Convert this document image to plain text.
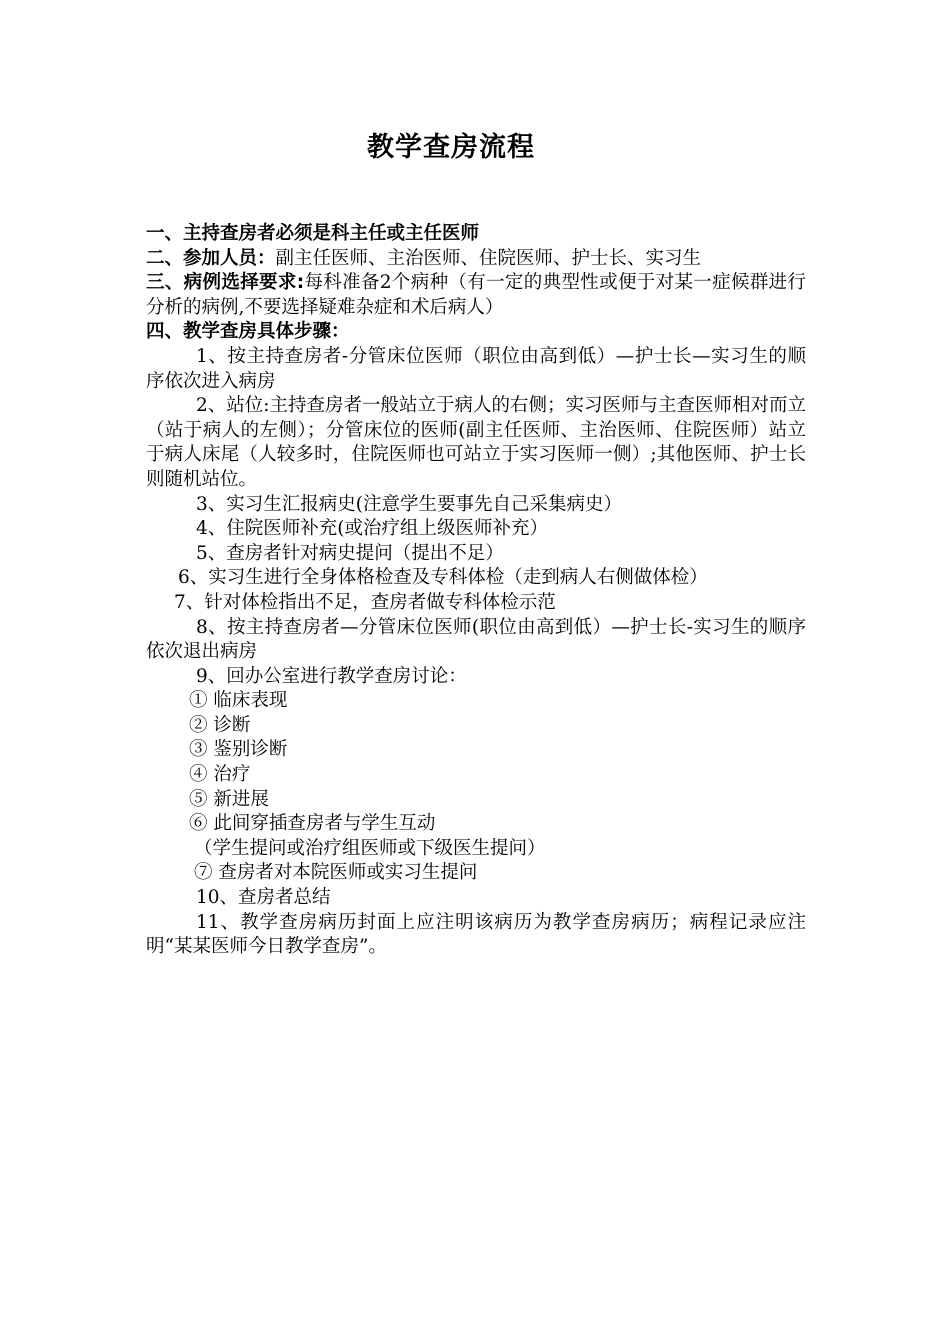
教学查房流程

一、主持查房者必须是科主任或主任医师

二、参加人员：副主任医师、主治医师、住院医师、护士长、实习生

三、病例选择要求:每科准备2个病种（有一定的典型性或便于对某一症候群进行分析的病例,不要选择疑难杂症和术后病人）

四、教学查房具体步骤：

1、按主持查房者-分管床位医师（职位由高到低）—护士长—实习生的顺序依次进入病房

2、站位:主持查房者一般站立于病人的右侧；实习医师与主查医师相对而立（站于病人的左侧）；分管床位的医师(副主任医师、主治医师、住院医师）站立于病人床尾（人较多时，住院医师也可站立于实习医师一侧）;其他医师、护士长则随机站位。

3、实习生汇报病史(注意学生要事先自己采集病史）

4、住院医师补充(或治疗组上级医师补充）

5、查房者针对病史提问（提出不足）

6、实习生进行全身体格检查及专科体检（走到病人右侧做体检）

7、针对体检指出不足，查房者做专科体检示范

8、按主持查房者—分管床位医师(职位由高到低）—护士长-实习生的顺序依次退出病房

9、回办公室进行教学查房讨论：

① 临床表现

② 诊断

③ 鉴别诊断

④ 治疗

⑤ 新进展

⑥ 此间穿插查房者与学生互动

（学生提问或治疗组医师或下级医生提问）

⑦ 查房者对本院医师或实习生提问

10、查房者总结

11、教学查房病历封面上应注明该病历为教学查房病历；病程记录应注明“某某医师今日教学查房”。
